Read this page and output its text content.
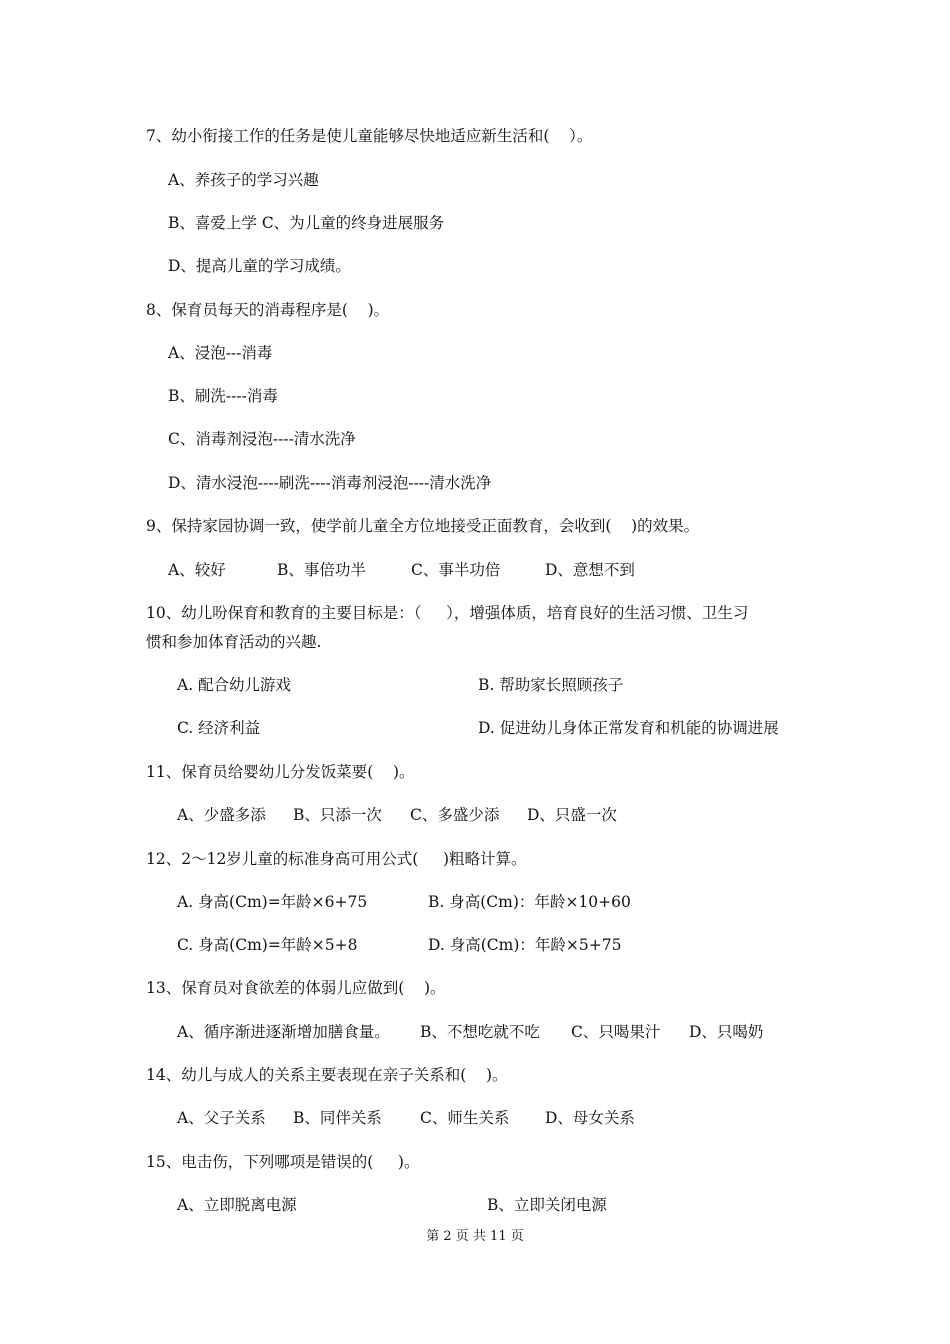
7、幼小衔接工作的任务是使儿童能够尽快地适应新生活和(    ）。
A、养孩子的学习兴趣
B、喜爱上学 C、为儿童的终身进展服务
D、提高儿童的学习成绩。
8、保育员每天的消毒程序是(    )。
A、浸泡---消毒
B、刷洗----消毒
C、消毒剂浸泡----清水洗净
D、清水浸泡----刷洗----消毒剂浸泡----清水洗净
9、保持家园协调一致，使学前儿童全方位地接受正面教育，会收到(    )的效果。
A、较好	B、事倍功半	C、事半功倍	D、意想不到
10、幼儿吩保育和教育的主要目标是：（     ），增强体质，培育良好的生活习惯、卫生习
惯和参加体育活动的兴趣.
A. 配合幼儿游戏	B. 帮助家长照顾孩子
C. 经济利益	D. 促进幼儿身体正常发育和机能的协调进展
11、保育员给婴幼儿分发饭菜要(    )。
A、少盛多添 B、只添一次 C、多盛少添 D、只盛一次
12、2～12岁儿童的标准身高可用公式(     )粗略计算。
A. 身高(Cm)=年龄×6+75	B. 身高(Cm)：年龄×10+60
C. 身高(Cm)=年龄×5+8	D. 身高(Cm)：年龄×5+75
13、保育员对食欲差的体弱儿应做到(    )。
A、循序渐进逐渐增加膳食量。 B、不想吃就不吃 C、只喝果汁 D、只喝奶
14、幼儿与成人的关系主要表现在亲子关系和(    )。
A、父子关系 B、同伴关系 C、师生关系 D、母女关系
15、电击伤，下列哪项是错误的(     )。
A、立即脱离电源	B、立即关闭电源
第 2 页 共 11 页
